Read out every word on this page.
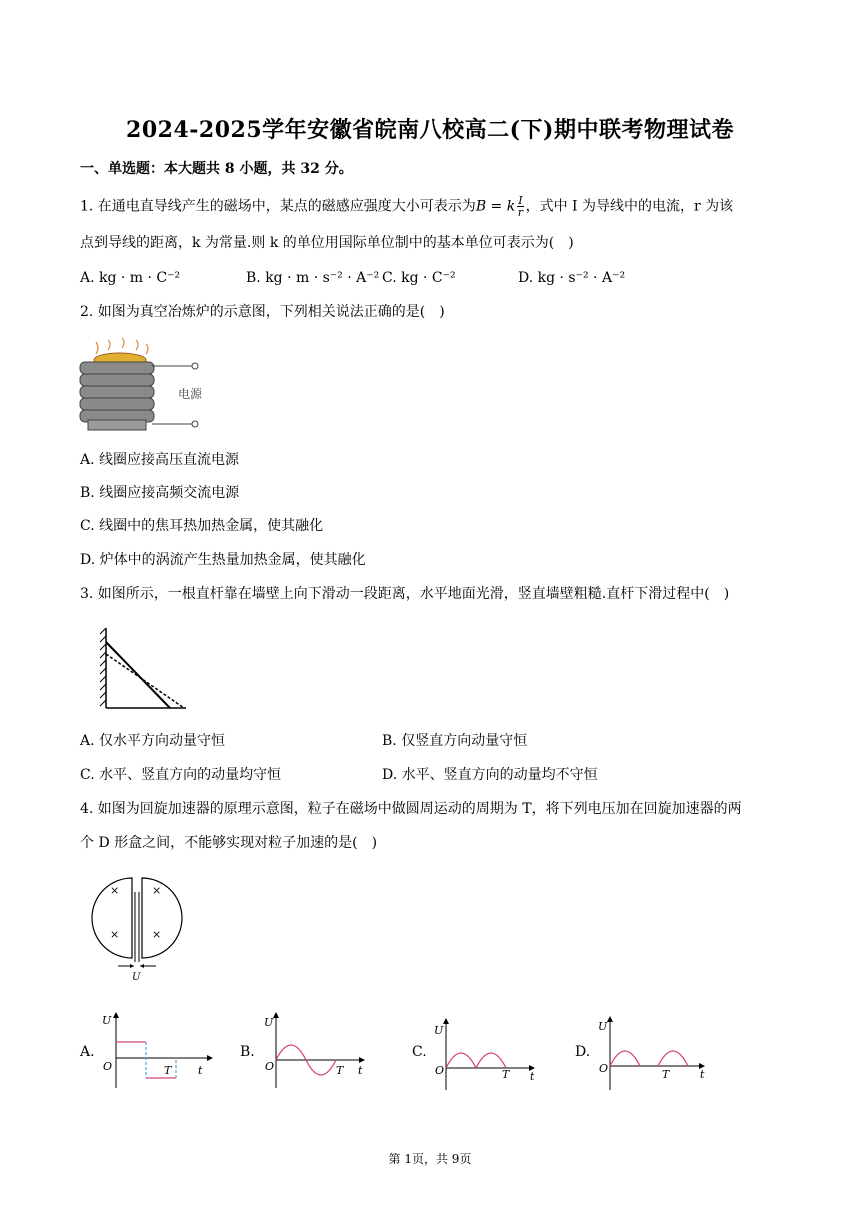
2024-2025学年安徽省皖南八校高二(下)期中联考物理试卷
一、单选题：本大题共 8 小题，共 32 分。
1. 在通电直导线产生的磁场中，某点的磁感应强度大小可表示为B = k $\frac{I}{r}$ ，式中 I 为导线中的电流，r 为该
点到导线的距离，k 为常量.则 k 的单位用国际单位制中的基本单位可表示为(　)
A. kg · m · C⁻²	B. kg · m · s⁻² · A⁻² C. kg · C⁻²	D. kg · s⁻² · A⁻²
2. 如图为真空冶炼炉的示意图，下列相关说法正确的是(　)
电源
A. 线圈应接高压直流电源
B. 线圈应接高频交流电源
C. 线圈中的焦耳热加热金属，使其融化
D. 炉体中的涡流产生热量加热金属，使其融化
3. 如图所示，一根直杆靠在墙壁上向下滑动一段距离，水平地面光滑，竖直墙壁粗糙.直杆下滑过程中(　)
A. 仅水平方向动量守恒	B. 仅竖直方向动量守恒
C. 水平、竖直方向的动量均守恒	D. 水平、竖直方向的动量均不守恒
4. 如图为回旋加速器的原理示意图，粒子在磁场中做圆周运动的周期为 T，将下列电压加在回旋加速器的两
个 D 形盒之间，不能够实现对粒子加速的是(　)
×	×
×	×
U
A.
U
O	t
T
B.
U
O	t
T
C.
U
O	t
T
D.
U
O	t
T
第 1页，共 9页
